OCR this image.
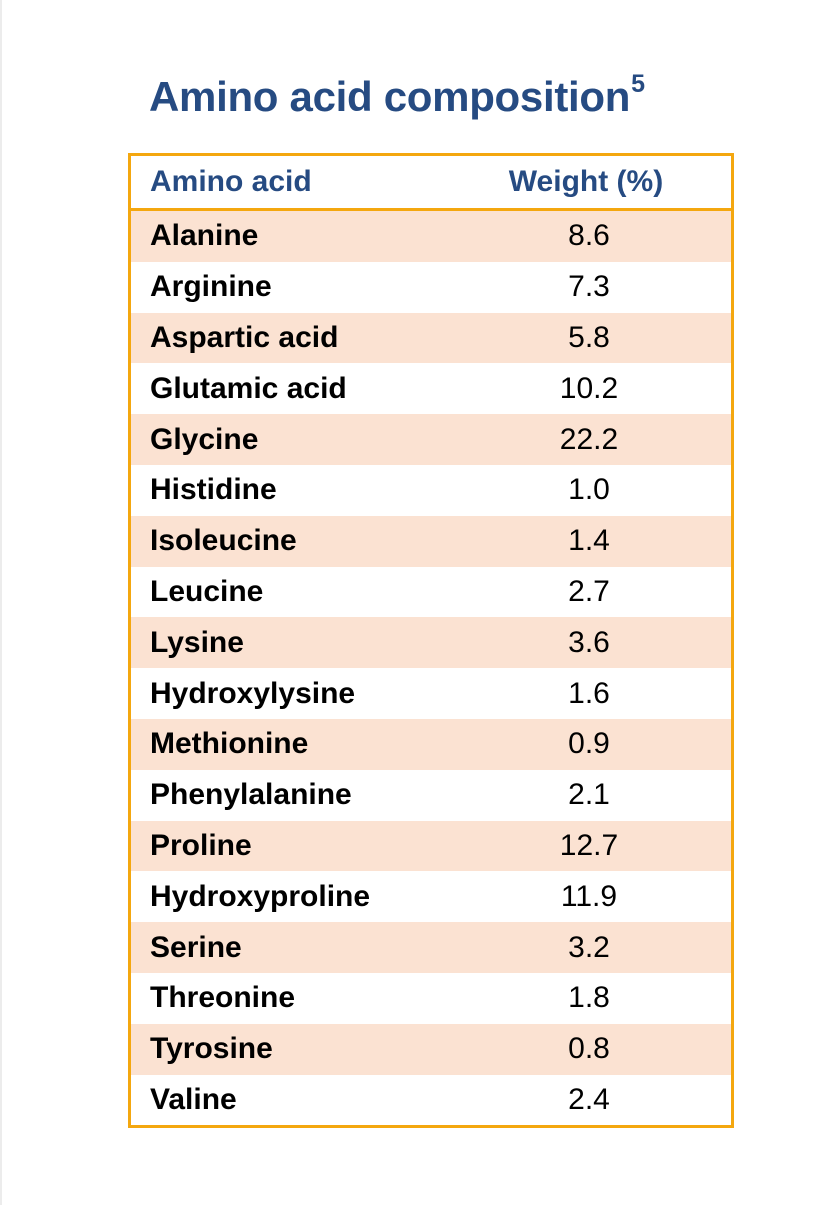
Amino acid composition$^5$
Amino acid	Weight (%)
Alanine	8.6
Arginine	7.3
Aspartic acid	5.8
Glutamic acid	10.2
Glycine	22.2
Histidine	1.0
Isoleucine	1.4
Leucine	2.7
Lysine	3.6
Hydroxylysine	1.6
Methionine	0.9
Phenylalanine	2.1
Proline	12.7
Hydroxyproline	11.9
Serine	3.2
Threonine	1.8
Tyrosine	0.8
Valine	2.4
